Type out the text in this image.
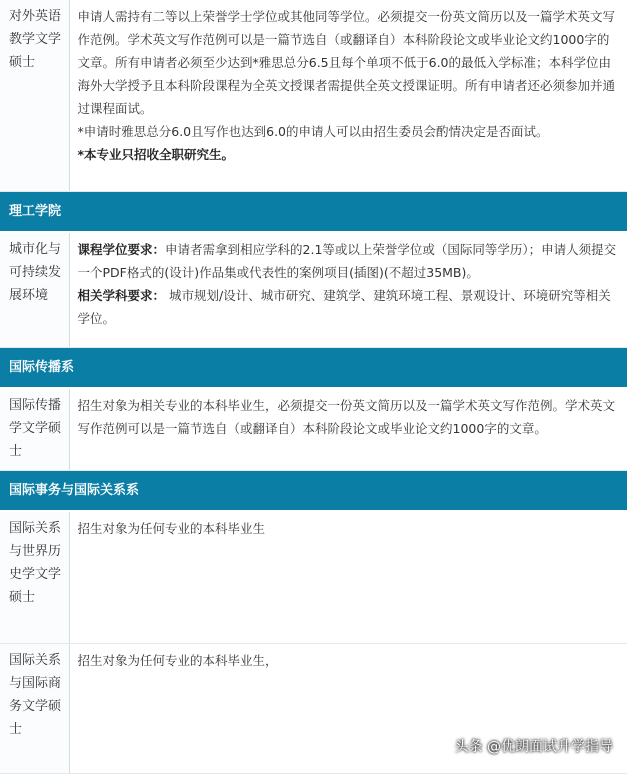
对外英语教学文学硕士	申请人需持有二等以上荣誉学士学位或其他同等学位。必须提交一份英文简历以及一篇学术英文写作范例。学术英文写作范例可以是一篇节选自（或翻译自）本科阶段论文或毕业论文约1000字的文章。所有申请者必须至少达到*雅思总分6.5且每个单项不低于6.0的最低入学标准；本科学位由海外大学授予且本科阶段课程为全英文授课者需提供全英文授课证明。所有申请者还必须参加并通过课程面试。
*申请时雅思总分6.0且写作也达到6.0的申请人可以由招生委员会酌情决定是否面试。
*本专业只招收全职研究生。

理工学院	
城市化与可持续发展环境	课程学位要求：申请者需拿到相应学科的2.1等或以上荣誉学位或（国际同等学历）；申请人须提交一个PDF格式的(设计)作品集或代表性的案例项目(插图)(不超过35MB)。
相关学科要求： 城市规划/设计、城市研究、建筑学、建筑环境工程、景观设计、环境研究等相关学位。

国际传播系	
国际传播学文学硕士	招生对象为相关专业的本科毕业生，必须提交一份英文简历以及一篇学术英文写作范例。学术英文写作范例可以是一篇节选自（或翻译自）本科阶段论文或毕业论文约1000字的文章。

国际事务与国际关系系	
国际关系与世界历史学文学硕士	招生对象为任何专业的本科毕业生

国际关系与国际商务文学硕士	招生对象为任何专业的本科毕业生，
头条 @优朗面试升学指导
